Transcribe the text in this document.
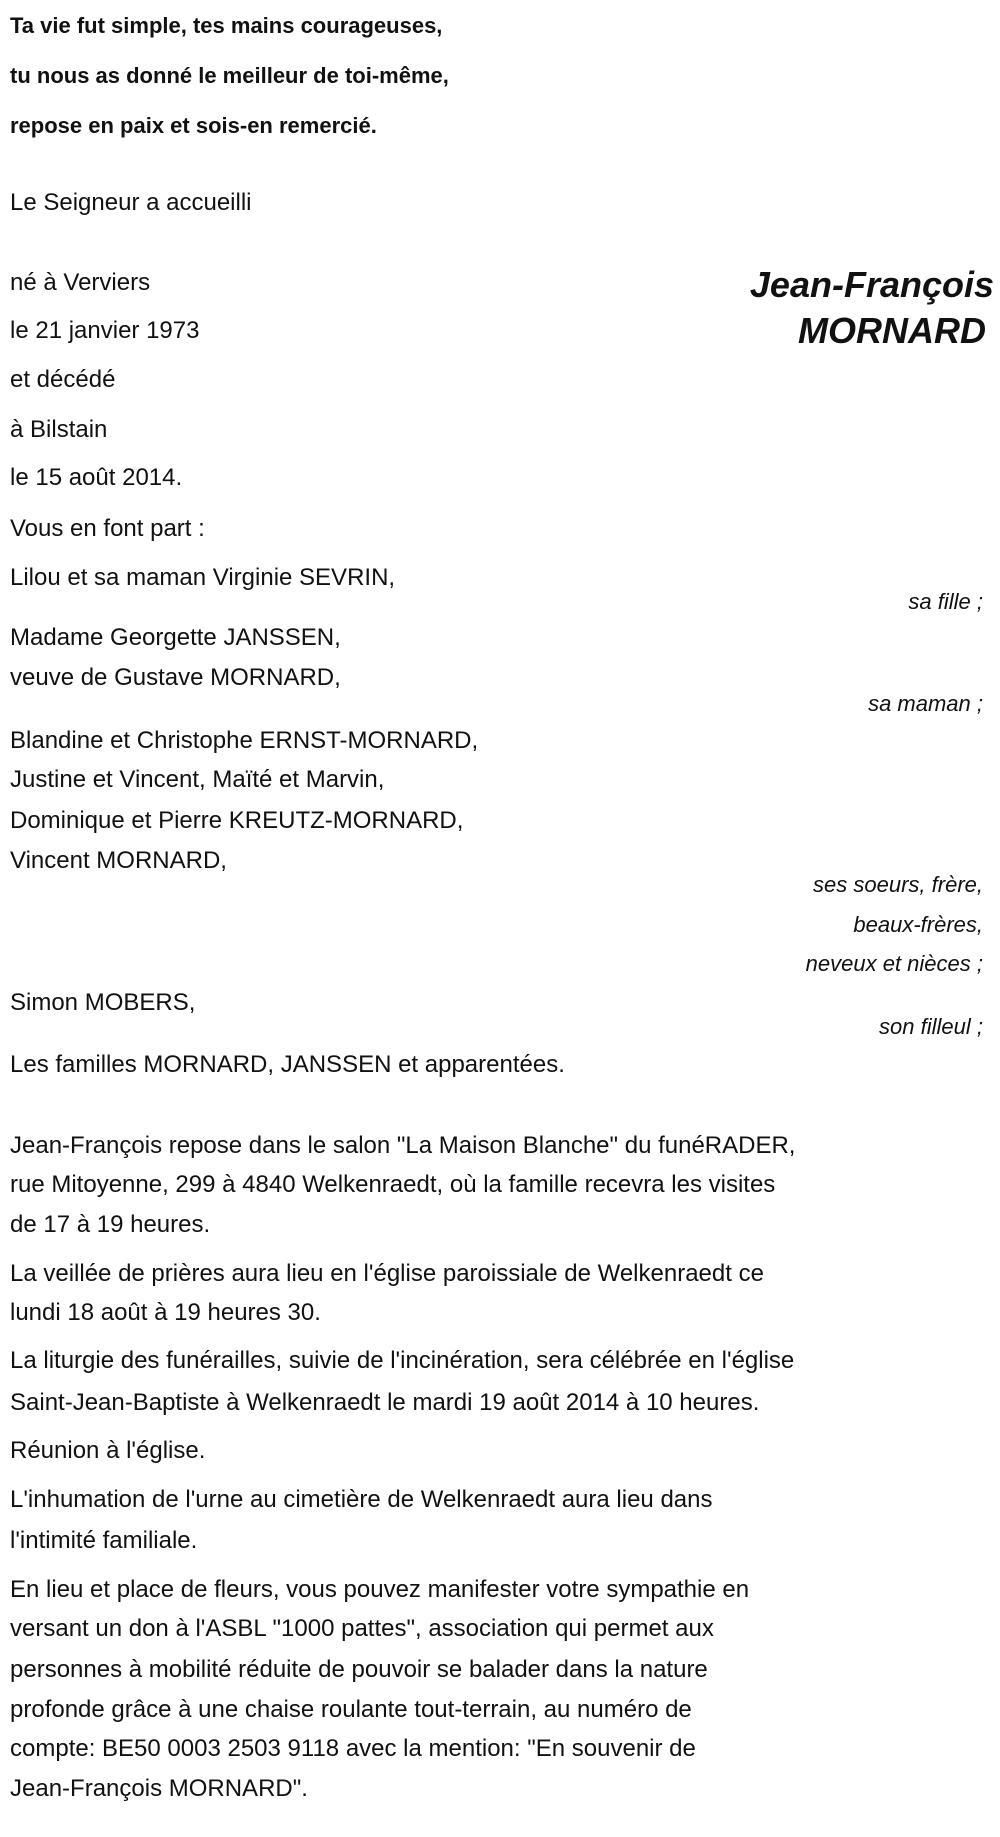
Ta vie fut simple, tes mains courageuses,
tu nous as donné le meilleur de toi-même,
repose en paix et sois-en remercié.
Le Seigneur a accueilli
Jean-François
MORNARD
né à Verviers
le 21 janvier 1973
et décédé
à Bilstain
le 15 août 2014.
Vous en font part :
Lilou et sa maman Virginie SEVRIN,
sa fille ;
Madame Georgette JANSSEN,
veuve de Gustave MORNARD,
sa maman ;
Blandine et Christophe ERNST-MORNARD,
Justine et Vincent, Maïté et Marvin,
Dominique et Pierre KREUTZ-MORNARD,
Vincent MORNARD,
ses soeurs, frère,
beaux-frères,
neveux et nièces ;
Simon MOBERS,
son filleul ;
Les familles MORNARD, JANSSEN et apparentées.
Jean-François repose dans le salon "La Maison Blanche" du funéRADER,
rue Mitoyenne, 299 à 4840 Welkenraedt, où la famille recevra les visites
de 17 à 19 heures.
La veillée de prières aura lieu en l'église paroissiale de Welkenraedt ce
lundi 18 août à 19 heures 30.
La liturgie des funérailles, suivie de l'incinération, sera célébrée en l'église
Saint-Jean-Baptiste à Welkenraedt le mardi 19 août 2014 à 10 heures.
Réunion à l'église.
L'inhumation de l'urne au cimetière de Welkenraedt aura lieu dans
l'intimité familiale.
En lieu et place de fleurs, vous pouvez manifester votre sympathie en
versant un don à l'ASBL "1000 pattes", association qui permet aux
personnes à mobilité réduite de pouvoir se balader dans la nature
profonde grâce à une chaise roulante tout-terrain, au numéro de
compte: BE50 0003 2503 9118 avec la mention: "En souvenir de
Jean-François MORNARD".
